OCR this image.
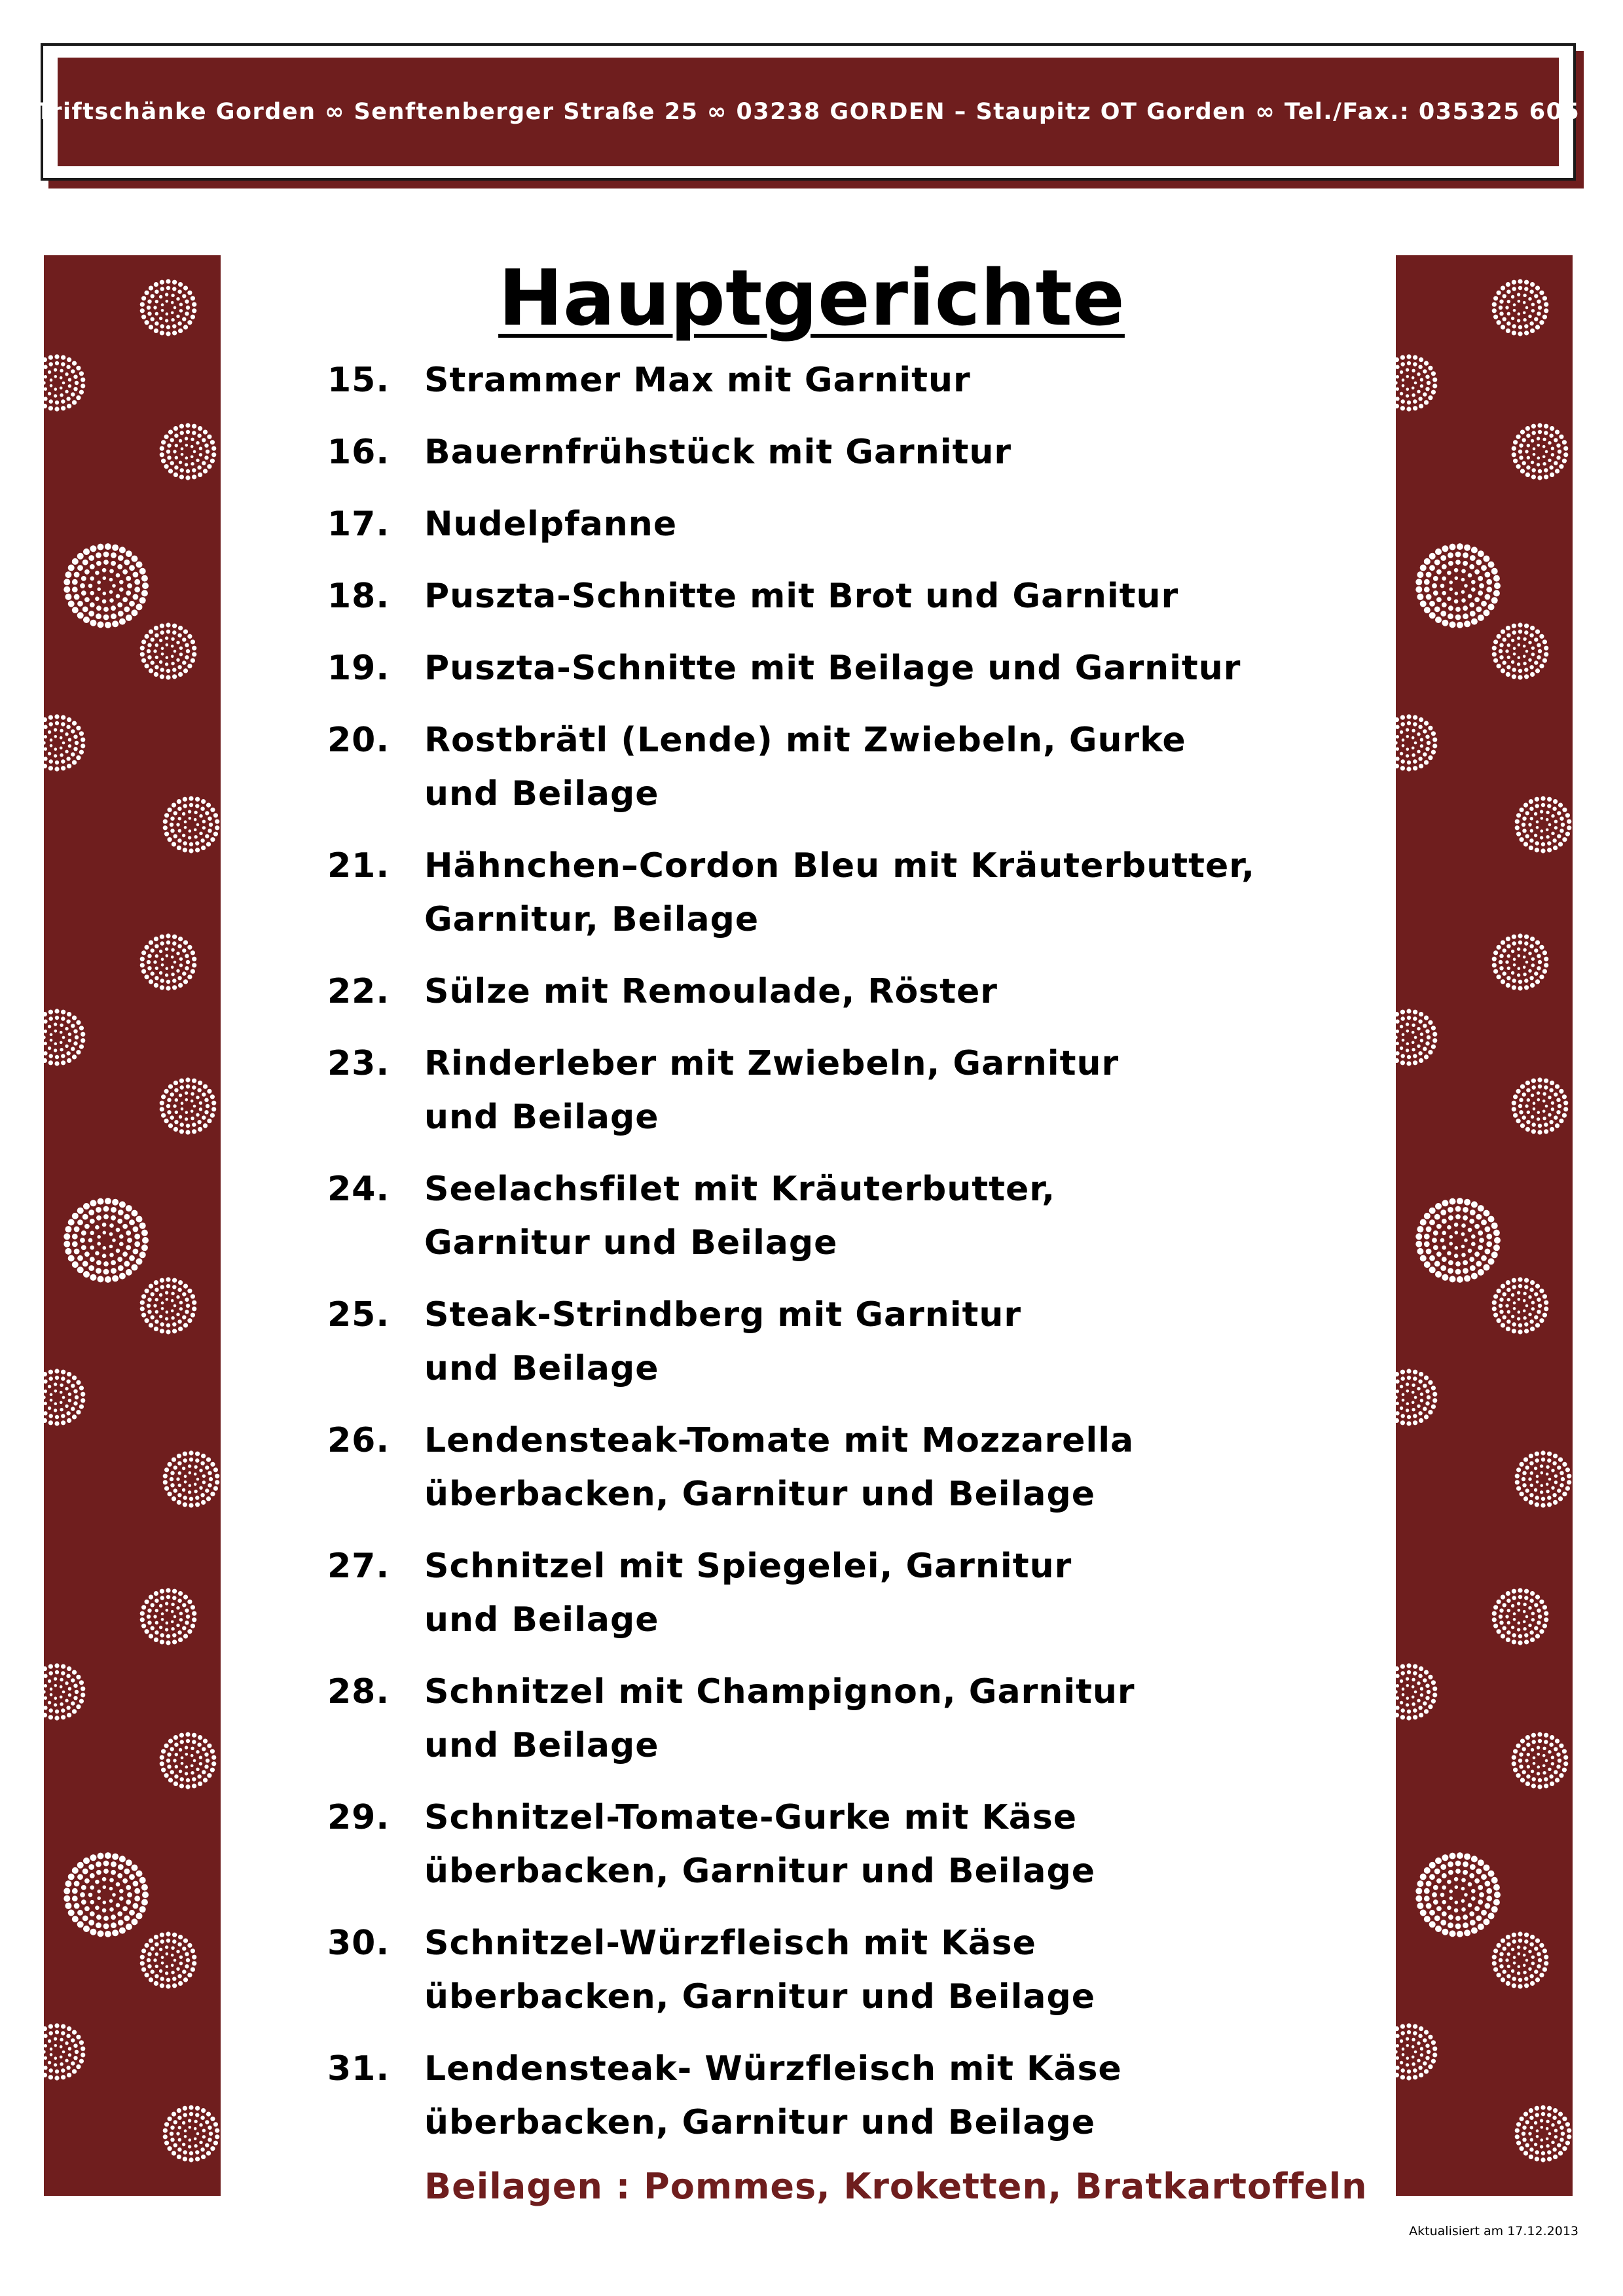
Triftschänke Gorden ∞ Senftenberger Straße 25 ∞ 03238 GORDEN – Staupitz OT Gorden ∞ Tel./Fax.: 035325 605
Hauptgerichte
15.	Strammer Max mit Garnitur
16.	Bauernfrühstück mit Garnitur
17.	Nudelpfanne
18.	Puszta-Schnitte mit Brot und Garnitur
19.	Puszta-Schnitte mit Beilage und Garnitur
20.	Rostbrätl (Lende) mit Zwiebeln, Gurke
und Beilage
21.	Hähnchen–Cordon Bleu mit Kräuterbutter,
Garnitur, Beilage
22.	Sülze mit Remoulade, Röster
23.	Rinderleber mit Zwiebeln, Garnitur
und Beilage
24.	Seelachsfilet mit Kräuterbutter,
Garnitur und Beilage
25.	Steak-Strindberg mit Garnitur
und Beilage
26.	Lendensteak-Tomate mit Mozzarella
überbacken, Garnitur und Beilage
27.	Schnitzel mit Spiegelei, Garnitur
und Beilage
28.	Schnitzel mit Champignon, Garnitur
und Beilage
29.	Schnitzel-Tomate-Gurke mit Käse
überbacken, Garnitur und Beilage
30.	Schnitzel-Würzfleisch mit Käse
überbacken, Garnitur und Beilage
31.	Lendensteak- Würzfleisch mit Käse
überbacken, Garnitur und Beilage
Beilagen : Pommes, Kroketten, Bratkartoffeln
Aktualisiert am 17.12.2013
